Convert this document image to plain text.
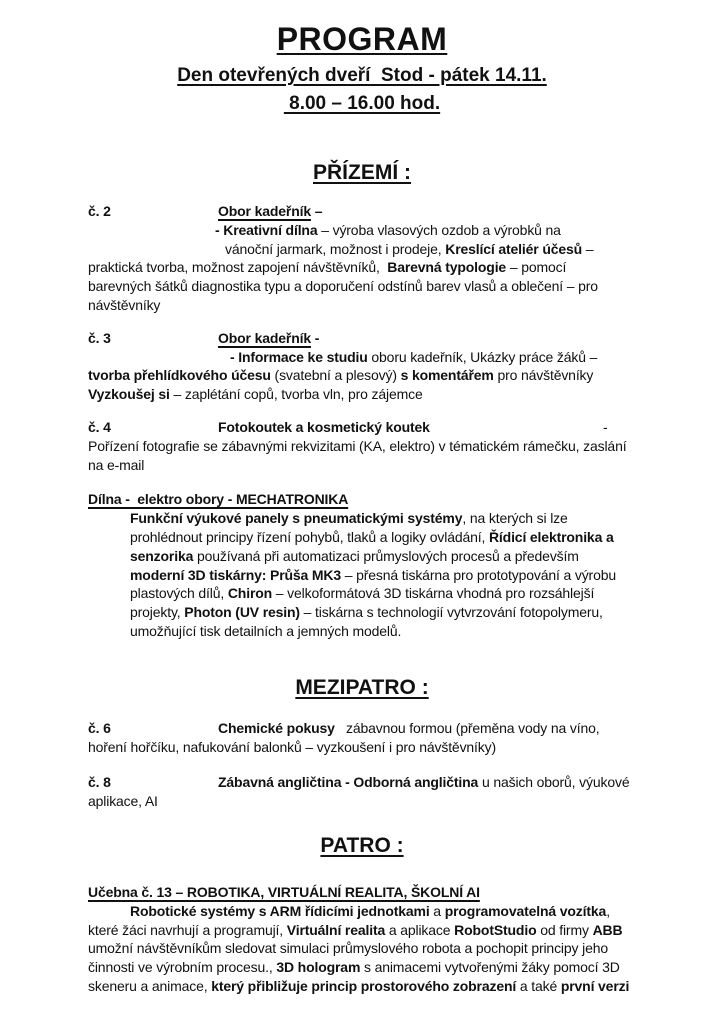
PROGRAM
Den otevřených dveří  Stod - pátek 14.11.
8.00 – 16.00 hod.
PŘÍZEMÍ :
č. 2	Obor kadeřník –
- Kreativní dílna – výroba vlasových ozdob a výrobků na
vánoční jarmark, možnost i prodeje, Kreslící ateliér účesů –
praktická tvorba, možnost zapojení návštěvníků,  Barevná typologie – pomocí
barevných šátků diagnostika typu a doporučení odstínů barev vlasů a oblečení – pro
návštěvníky
č. 3	Obor kadeřník -
- Informace ke studiu oboru kadeřník, Ukázky práce žáků –
tvorba přehlídkového účesu (svatební a plesový) s komentářem pro návštěvníky
Vyzkoušej si – zaplétání copů, tvorba vln, pro zájemce
č. 4	Fotokoutek a kosmetický koutek	-
Pořízení fotografie se zábavnými rekvizitami (KA, elektro) v tématickém rámečku, zaslání
na e-mail
Dílna -  elektro obory - MECHATRONIKA
Funkční výukové panely s pneumatickými systémy, na kterých si lze
prohlédnout principy řízení pohybů, tlaků a logiky ovládání, Řídicí elektronika a
senzorika používaná při automatizaci průmyslových procesů a především
moderní 3D tiskárny: Průša MK3 – přesná tiskárna pro prototypování a výrobu
plastových dílů, Chiron – velkoformátová 3D tiskárna vhodná pro rozsáhlejší
projekty, Photon (UV resin) – tiskárna s technologií vytvrzování fotopolymeru,
umožňující tisk detailních a jemných modelů.
MEZIPATRO :
č. 6	Chemické pokusy   zábavnou formou (přeměna vody na víno,
hoření hořčíku, nafukování balonků – vyzkoušení i pro návštěvníky)
č. 8	Zábavná angličtina - Odborná angličtina u našich oborů, výukové
aplikace, AI
PATRO :
Učebna č. 13 – ROBOTIKA, VIRTUÁLNÍ REALITA, ŠKOLNÍ AI
Robotické systémy s ARM řídicími jednotkami a programovatelná vozítka,
které žáci navrhují a programují, Virtuální realita a aplikace RobotStudio od firmy ABB
umožní návštěvníkům sledovat simulaci průmyslového robota a pochopit principy jeho
činnosti ve výrobním procesu., 3D hologram s animacemi vytvořenými žáky pomocí 3D
skeneru a animace, který přibližuje princip prostorového zobrazení a také první verzi
